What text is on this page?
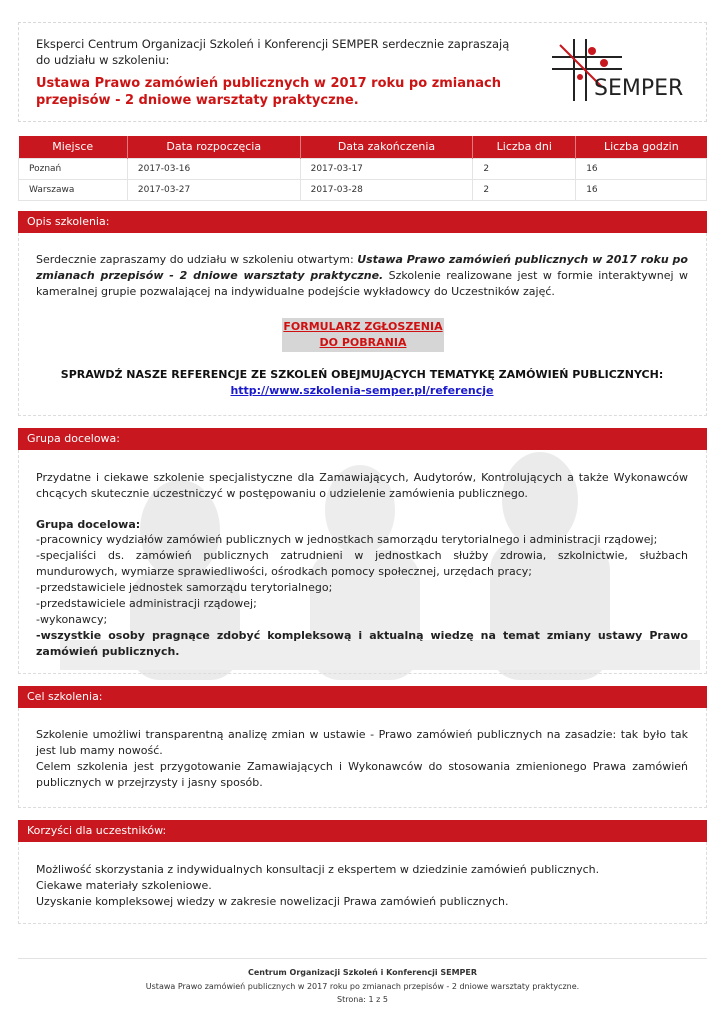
Eksperci Centrum Organizacji Szkoleń i Konferencji SEMPER serdecznie zapraszają do udziału w szkoleniu:
Ustawa Prawo zamówień publicznych w 2017 roku po zmianach przepisów - 2 dniowe warsztaty praktyczne.	SEMPER
Miejsce	Data rozpoczęcia	Data zakończenia	Liczba dni	Liczba godzin
Poznań	2017-03-16	2017-03-17	2	16
Warszawa	2017-03-27	2017-03-28	2	16
Opis szkolenia:
Serdecznie zapraszamy do udziału w szkoleniu otwartym: Ustawa Prawo zamówień publicznych w 2017 roku po zmianach przepisów - 2 dniowe warsztaty praktyczne. Szkolenie realizowane jest w formie interaktywnej w kameralnej grupie pozwalającej na indywidualne podejście wykładowcy do Uczestników zajęć.
FORMULARZ ZGŁOSZENIA
DO POBRANIA
SPRAWDŹ NASZE REFERENCJE ZE SZKOLEŃ OBEJMUJĄCYCH TEMATYKĘ ZAMÓWIEŃ PUBLICZNYCH:
http://www.szkolenia-semper.pl/referencje
Grupa docelowa:
Przydatne i ciekawe szkolenie specjalistyczne dla Zamawiających, Audytorów, Kontrolujących a także Wykonawców chcących skutecznie uczestniczyć w postępowaniu o udzielenie zamówienia publicznego.
Grupa docelowa:
-pracownicy wydziałów zamówień publicznych w jednostkach samorządu terytorialnego i administracji rządowej;
-specjaliści ds. zamówień publicznych zatrudnieni w jednostkach służby zdrowia, szkolnictwie, służbach mundurowych, wymiarze sprawiedliwości, ośrodkach pomocy społecznej, urzędach pracy;
-przedstawiciele jednostek samorządu terytorialnego;
-przedstawiciele administracji rządowej;
-wykonawcy;
-wszystkie osoby pragnące zdobyć kompleksową i aktualną wiedzę na temat zmiany ustawy Prawo zamówień publicznych.
Cel szkolenia:
Szkolenie umożliwi transparentną analizę zmian w ustawie - Prawo zamówień publicznych na zasadzie: tak było tak jest lub mamy nowość.
Celem szkolenia jest przygotowanie Zamawiających i Wykonawców do stosowania zmienionego Prawa zamówień publicznych w przejrzysty i jasny sposób.
Korzyści dla uczestników:
Możliwość skorzystania z indywidualnych konsultacji z ekspertem w dziedzinie zamówień publicznych.
Ciekawe materiały szkoleniowe.
Uzyskanie kompleksowej wiedzy w zakresie nowelizacji Prawa zamówień publicznych.
Centrum Organizacji Szkoleń i Konferencji SEMPER
Ustawa Prawo zamówień publicznych w 2017 roku po zmianach przepisów - 2 dniowe warsztaty praktyczne.
Strona: 1 z 5
